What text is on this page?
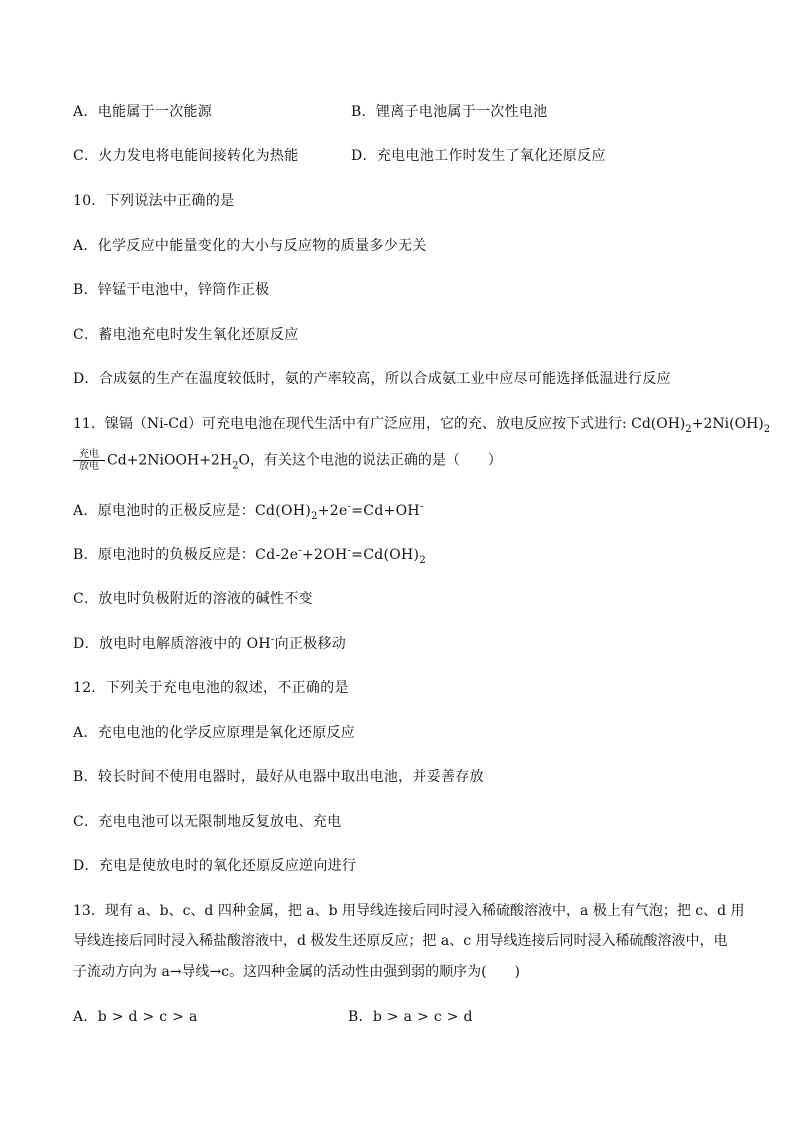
A．电能属于一次能源	B．锂离子电池属于一次性电池
C．火力发电将电能间接转化为热能	D．充电电池工作时发生了氧化还原反应
10．下列说法中正确的是
A．化学反应中能量变化的大小与反应物的质量多少无关
B．锌锰干电池中，锌筒作正极
C．蓄电池充电时发生氧化还原反应
D．合成氨的生产在温度较低时，氨的产率较高，所以合成氨工业中应尽可能选择低温进行反应
11．镍镉（Ni-Cd）可充电电池在现代生活中有广泛应用，它的充、放电反应按下式进行: $Cd(OH)_2+2Ni(OH)_2$
$\frac{\text{充电}}{\text{放电}}$ $Cd+2NiOOH+2H_2O$，有关这个电池的说法正确的是（　　）
A．原电池时的正极反应是：$Cd(OH)_2+2e^-=Cd+OH^-$
B．原电池时的负极反应是：$Cd-2e^-+2OH^-=Cd(OH)_2$
C．放电时负极附近的溶液的碱性不变
D．放电时电解质溶液中的 OH-向正极移动
12．下列关于充电电池的叙述，不正确的是
A．充电电池的化学反应原理是氧化还原反应
B．较长时间不使用电器时，最好从电器中取出电池，并妥善存放
C．充电电池可以无限制地反复放电、充电
D．充电是使放电时的氧化还原反应逆向进行
13．现有 a、b、c、d 四种金属，把 a、b 用导线连接后同时浸入稀硫酸溶液中，a 极上有气泡；把 c、d 用
导线连接后同时浸入稀盐酸溶液中，d 极发生还原反应；把 a、c 用导线连接后同时浸入稀硫酸溶液中，电
子流动方向为 a→导线→c。这四种金属的活动性由强到弱的顺序为(　　)
A．b > d > c > a	B．b > a > c > d
